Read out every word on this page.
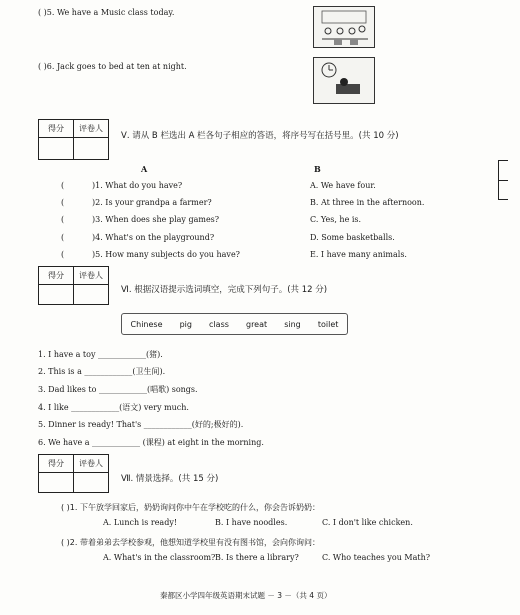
( )5. We have a Music class today.
( )6. Jack goes to bed at ten at night.
得分	评卷人

Ⅴ. 请从 B 栏选出 A 栏各句子相应的答语，将序号写在括号里。(共 10 分)
A	B
(	)1. What do you have?	A. We have four.
(	)2. Is your grandpa a farmer?	B. At three in the afternoon.
(	)3. When does she play games?	C. Yes, he is.
(	)4. What's on the playground?	D. Some basketballs.
(	)5. How many subjects do you have?	E. I have many animals.
得分	评卷人

Ⅵ. 根据汉语提示选词填空，完成下列句子。(共 12 分)
Chinese pig class great sing toilet
1. I have a toy ____________(猪).
2. This is a ____________(卫生间).
3. Dad likes to ____________(唱歌) songs.
4. I like ____________(语文) very much.
5. Dinner is ready! That's ____________(好的;极好的).
6. We have a ____________ (课程) at eight in the morning.
得分	评卷人

Ⅶ. 情景选择。(共 15 分)
( )1. 下午放学回家后，奶奶询问你中午在学校吃的什么，你会告诉奶奶：
A. Lunch is ready!	B. I have noodles.	C. I don't like chicken.
( )2. 带着弟弟去学校参观，他想知道学校里有没有图书馆，会向你询问：
A. What's in the classroom? B. Is there a library?	C. Who teaches you Math?
秦都区小学四年级英语期末试题 － 3 －（共 4 页）
